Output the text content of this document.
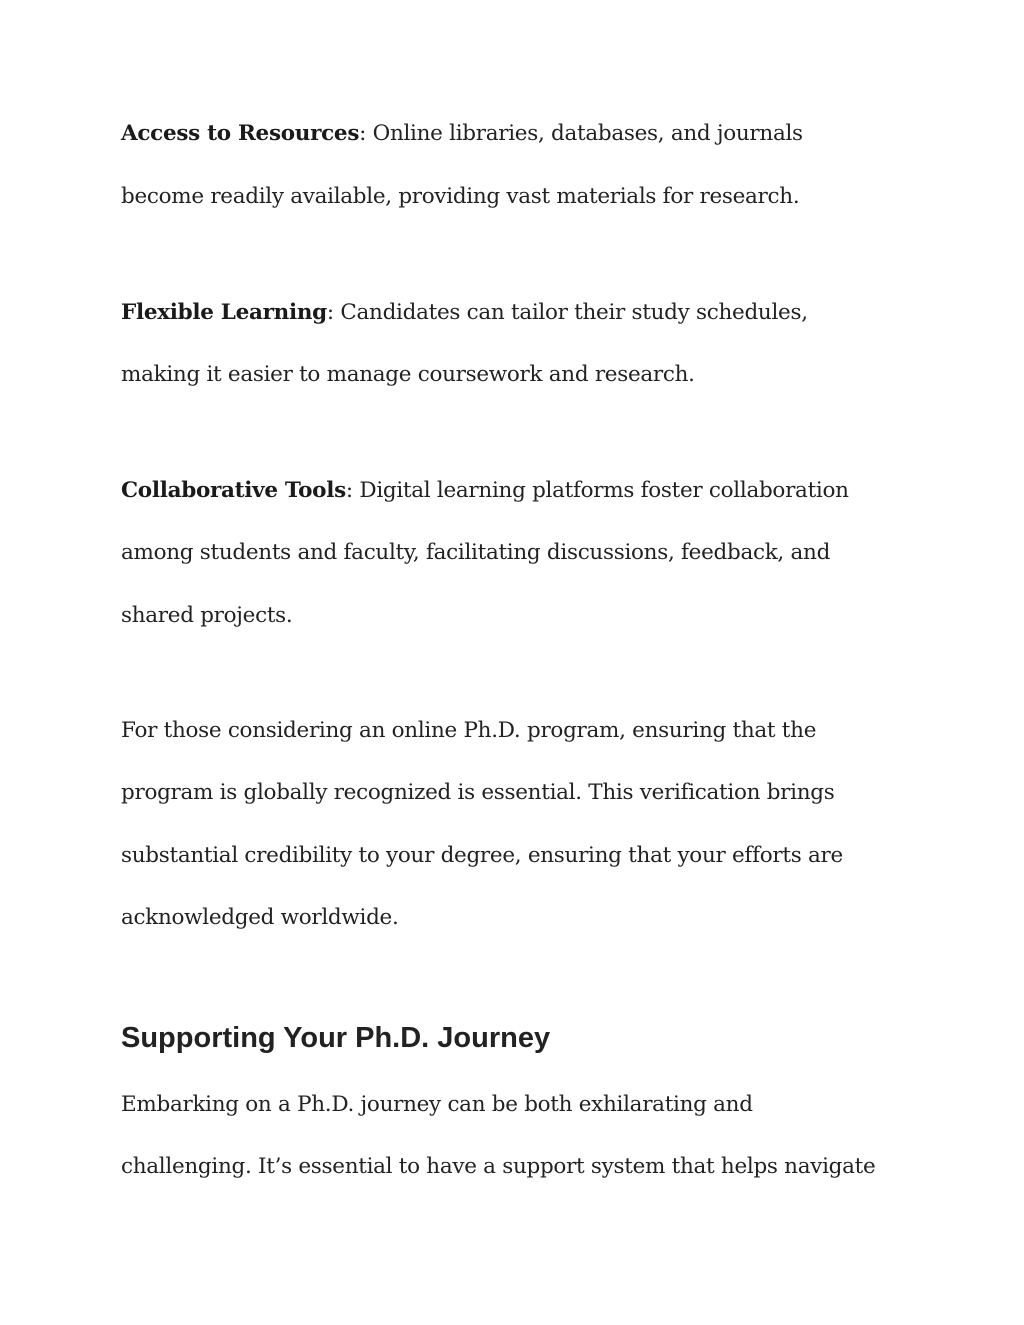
Access to Resources: Online libraries, databases, and journals
become readily available, providing vast materials for research.
Flexible Learning: Candidates can tailor their study schedules,
making it easier to manage coursework and research.
Collaborative Tools: Digital learning platforms foster collaboration
among students and faculty, facilitating discussions, feedback, and
shared projects.
For those considering an online Ph.D. program, ensuring that the
program is globally recognized is essential. This verification brings
substantial credibility to your degree, ensuring that your efforts are
acknowledged worldwide.
Supporting Your Ph.D. Journey
Embarking on a Ph.D. journey can be both exhilarating and
challenging. It’s essential to have a support system that helps navigate
